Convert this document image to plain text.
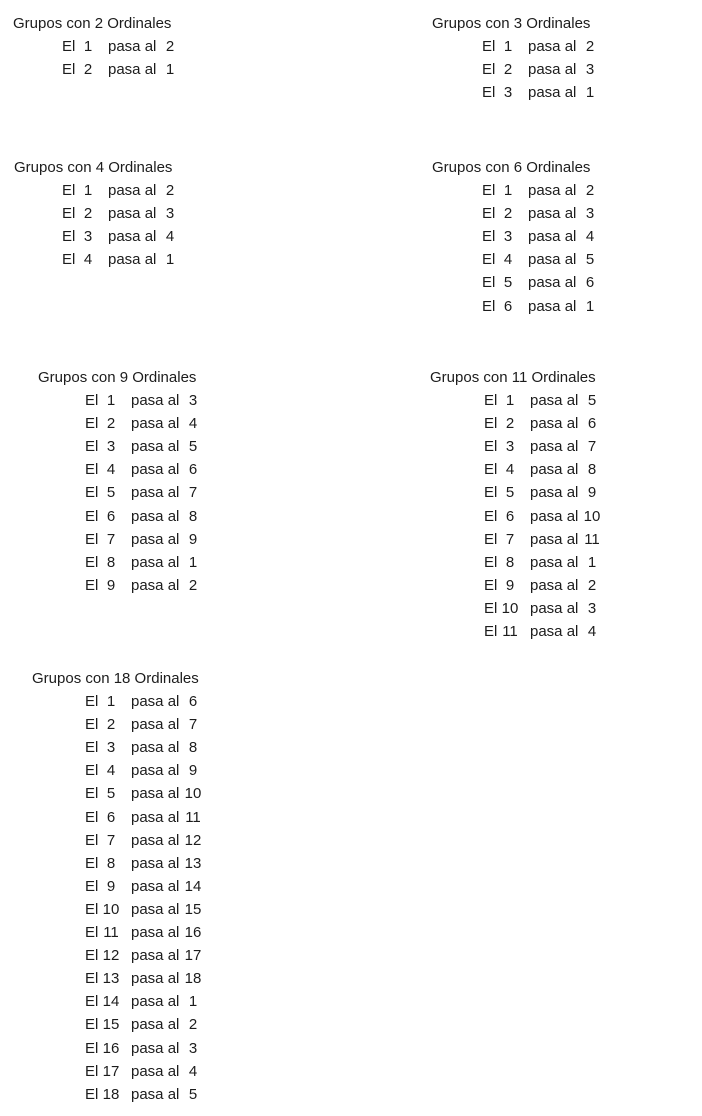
Grupos con 2 Ordinales
El 1	pasa al 2
El 2	pasa al 1
Grupos con 3 Ordinales
El 1	pasa al 2
El 2	pasa al 3
El 3	pasa al 1
Grupos con 4 Ordinales
El 1	pasa al 2
El 2	pasa al 3
El 3	pasa al 4
El 4	pasa al 1
Grupos con 6 Ordinales
El 1	pasa al 2
El 2	pasa al 3
El 3	pasa al 4
El 4	pasa al 5
El 5	pasa al 6
El 6	pasa al 1
Grupos con 9 Ordinales
El 1	pasa al 3
El 2	pasa al 4
El 3	pasa al 5
El 4	pasa al 6
El 5	pasa al 7
El 6	pasa al 8
El 7	pasa al 9
El 8	pasa al 1
El 9	pasa al 2
Grupos con 11 Ordinales
El 1	pasa al 5
El 2	pasa al 6
El 3	pasa al 7
El 4	pasa al 8
El 5	pasa al 9
El 6	pasa al 10
El 7	pasa al 11
El 8	pasa al 1
El 9	pasa al 2
El 10 pasa al 3
El 11 pasa al 4
Grupos con 18 Ordinales
El 1	pasa al 6
El 2	pasa al 7
El 3	pasa al 8
El 4	pasa al 9
El 5	pasa al 10
El 6	pasa al 11
El 7	pasa al 12
El 8	pasa al 13
El 9	pasa al 14
El 10 pasa al 15
El 11 pasa al 16
El 12 pasa al 17
El 13 pasa al 18
El 14 pasa al 1
El 15 pasa al 2
El 16 pasa al 3
El 17 pasa al 4
El 18 pasa al 5
